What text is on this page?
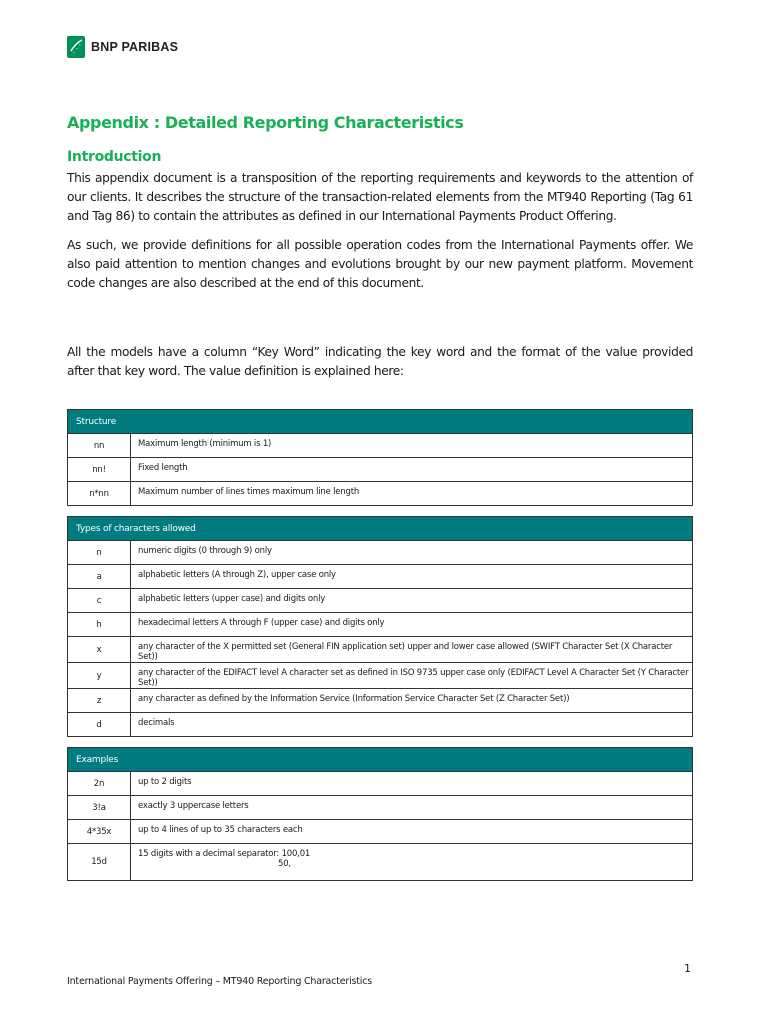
BNP PARIBAS
Appendix : Detailed Reporting Characteristics
Introduction
This appendix document is a transposition of the reporting requirements and keywords to the attention of our clients. It describes the structure of the transaction-related elements from the MT940 Reporting (Tag 61 and Tag 86) to contain the attributes as defined in our International Payments Product Offering.
As such, we provide definitions for all possible operation codes from the International Payments offer. We also paid attention to mention changes and evolutions brought by our new payment platform. Movement code changes are also described at the end of this document.
All the models have a column “Key Word” indicating the key word and the format of the value provided after that key word. The value definition is explained here:
Structure	
nn	Maximum length (minimum is 1)
nn!	Fixed length
n*nn	Maximum number of lines times maximum line length
Types of characters allowed	
n	numeric digits (0 through 9) only
a	alphabetic letters (A through Z), upper case only
c	alphabetic letters (upper case) and digits only
h	hexadecimal letters A through F (upper case) and digits only
x	any character of the X permitted set (General FIN application set) upper and lower case allowed (SWIFT Character Set (X Character Set))
y	any character of the EDIFACT level A character set as defined in ISO 9735 upper case only (EDIFACT Level A Character Set (Y Character Set))
z	any character as defined by the Information Service (Information Service Character Set (Z Character Set))
d	decimals
Examples	
2n	up to 2 digits
3!a	exactly 3 uppercase letters
4*35x	up to 4 lines of up to 35 characters each
15d	15 digits with a decimal separator: 100,01
50,
1
International Payments Offering – MT940 Reporting Characteristics
